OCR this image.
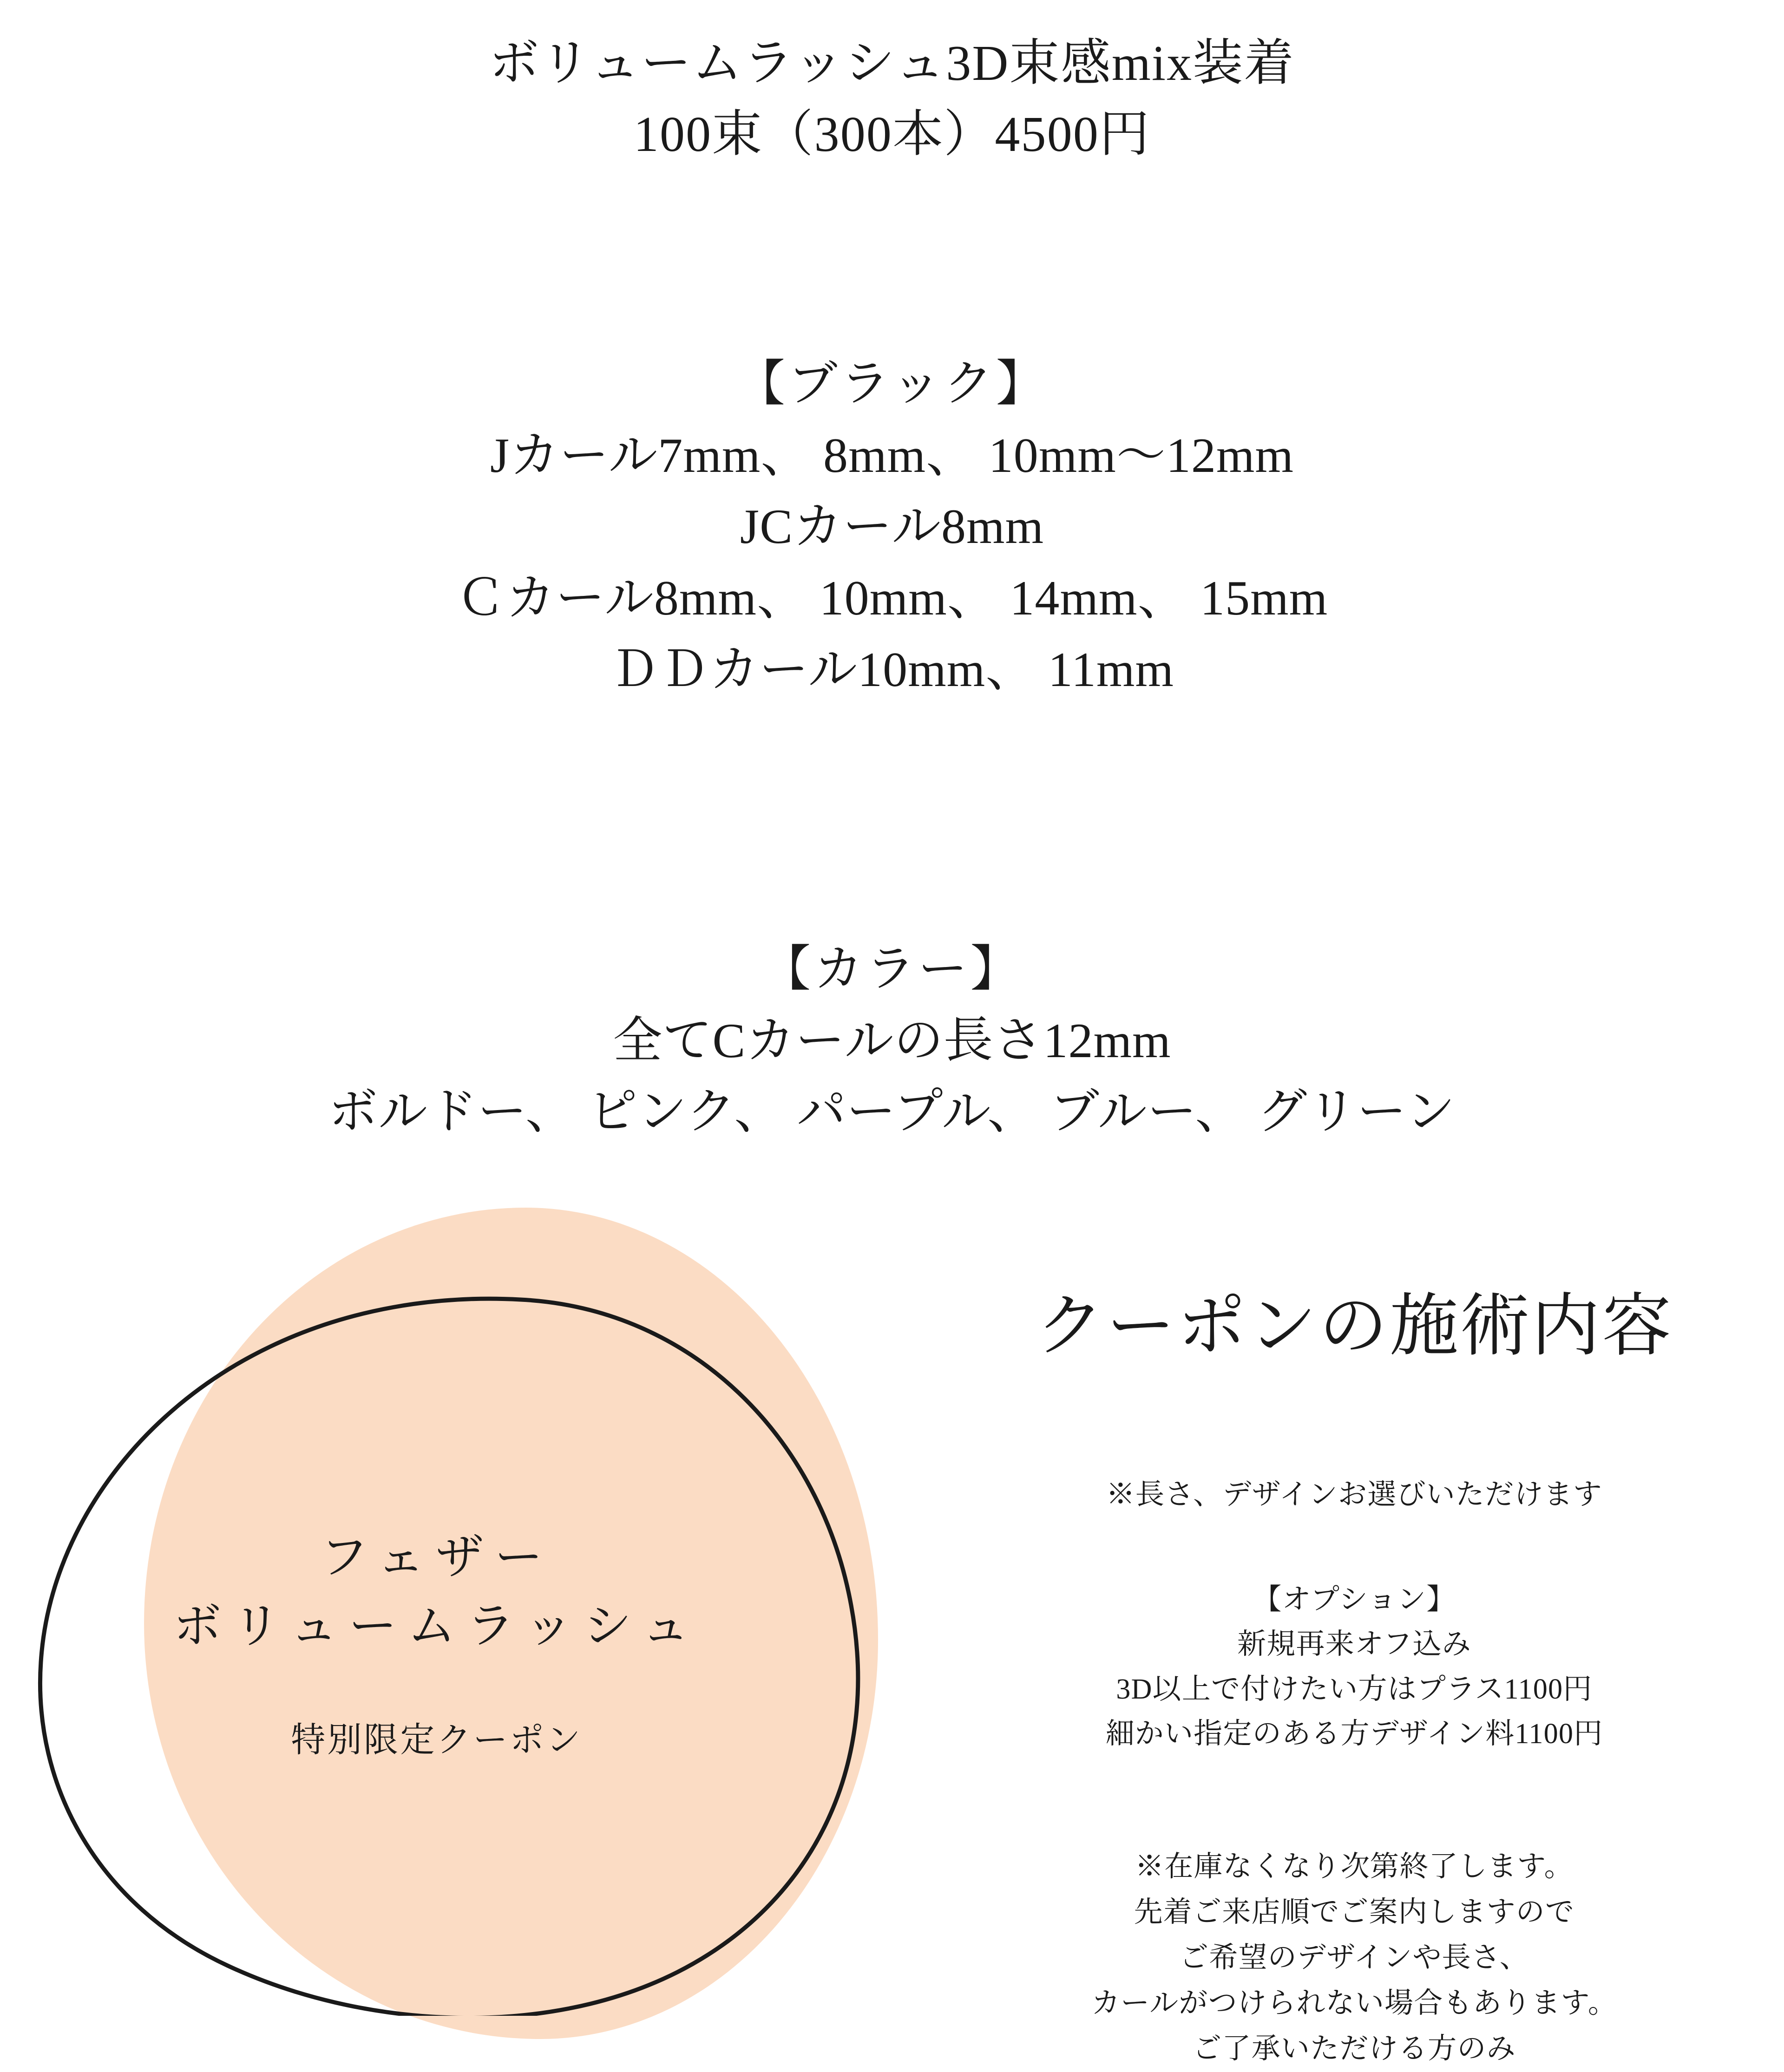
ボリュームラッシュ3D束感mix装着
100束（300本）4500円
【ブラック】
Jカール7mm、 8mm、 10mm〜12mm
JCカール8mm
Ｃカール8mm、 10mm、 14mm、 15mm
ＤＤカール10mm、 11mm
【カラー】
全てCカールの長さ12mm
ボルドー、 ピンク、 パープル、 ブルー、 グリーン
フェザー
ボリュームラッシュ
特別限定クーポン
クーポンの施術内容
※長さ、デザインお選びいただけます
【オプション】
新規再来オフ込み
3D以上で付けたい方はプラス1100円
細かい指定のある方デザイン料1100円
※在庫なくなり次第終了します。
先着ご来店順でご案内しますので
ご希望のデザインや長さ、
カールがつけられない場合もあります。
ご了承いただける方のみ
